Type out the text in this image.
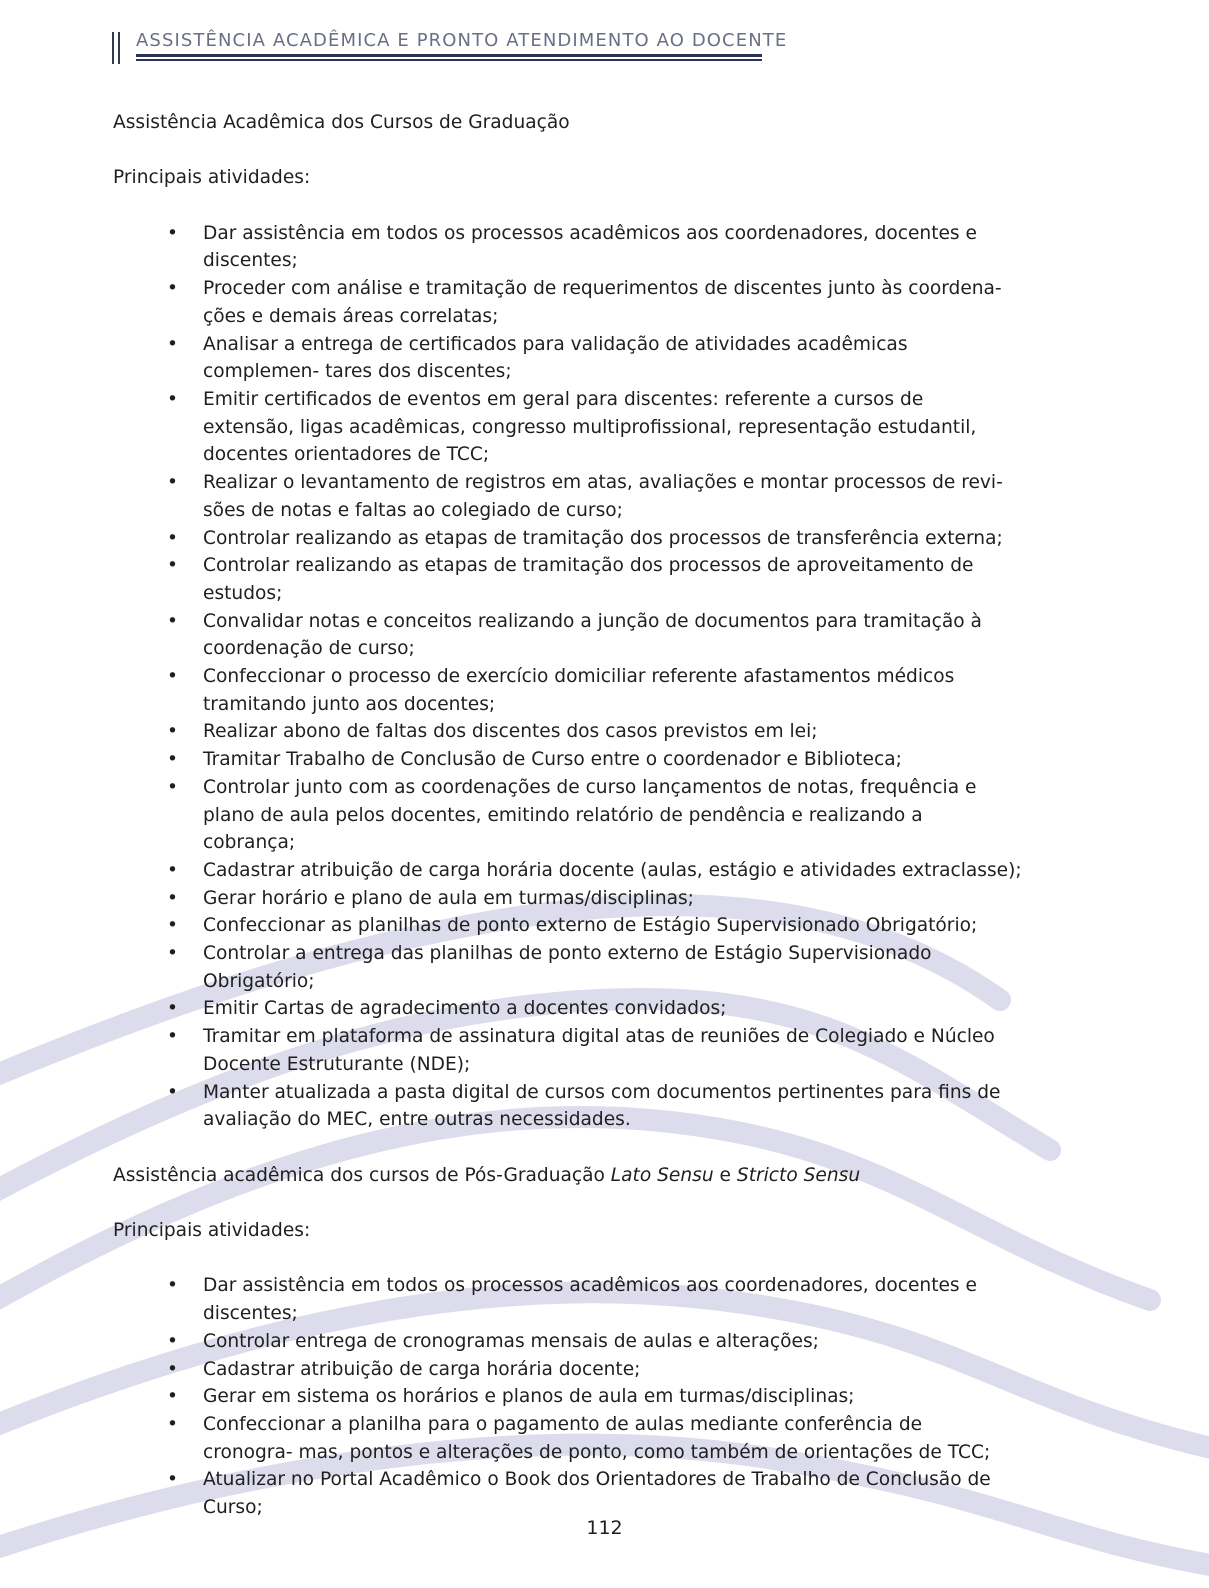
ASSISTÊNCIA ACADÊMICA E PRONTO ATENDIMENTO AO DOCENTE

Assistência Acadêmica dos Cursos de Graduação

Principais atividades:

• Dar assistência em todos os processos acadêmicos aos coordenadores, docentes e discentes;
• Proceder com análise e tramitação de requerimentos de discentes junto às coordena- ções e demais áreas correlatas;
• Analisar a entrega de certificados para validação de atividades acadêmicas complemen- tares dos discentes;
• Emitir certificados de eventos em geral para discentes: referente a cursos de extensão, ligas acadêmicas, congresso multiprofissional, representação estudantil, docentes orientadores de TCC;
• Realizar o levantamento de registros em atas, avaliações e montar processos de revi- sões de notas e faltas ao colegiado de curso;
• Controlar realizando as etapas de tramitação dos processos de transferência externa;
• Controlar realizando as etapas de tramitação dos processos de aproveitamento de estudos;
• Convalidar notas e conceitos realizando a junção de documentos para tramitação à coordenação de curso;
• Confeccionar o processo de exercício domiciliar referente afastamentos médicos tramitando junto aos docentes;
• Realizar abono de faltas dos discentes dos casos previstos em lei;
• Tramitar Trabalho de Conclusão de Curso entre o coordenador e Biblioteca;
• Controlar junto com as coordenações de curso lançamentos de notas, frequência e plano de aula pelos docentes, emitindo relatório de pendência e realizando a cobrança;
• Cadastrar atribuição de carga horária docente (aulas, estágio e atividades extraclasse);
• Gerar horário e plano de aula em turmas/disciplinas;
• Confeccionar as planilhas de ponto externo de Estágio Supervisionado Obrigatório;
• Controlar a entrega das planilhas de ponto externo de Estágio Supervisionado Obrigatório;
• Emitir Cartas de agradecimento a docentes convidados;
• Tramitar em plataforma de assinatura digital atas de reuniões de Colegiado e Núcleo Docente Estruturante (NDE);
• Manter atualizada a pasta digital de cursos com documentos pertinentes para fins de avaliação do MEC, entre outras necessidades.

Assistência acadêmica dos cursos de Pós-Graduação Lato Sensu e Stricto Sensu

Principais atividades:

• Dar assistência em todos os processos acadêmicos aos coordenadores, docentes e discentes;
• Controlar entrega de cronogramas mensais de aulas e alterações;
• Cadastrar atribuição de carga horária docente;
• Gerar em sistema os horários e planos de aula em turmas/disciplinas;
• Confeccionar a planilha para o pagamento de aulas mediante conferência de cronogra- mas, pontos e alterações de ponto, como também de orientações de TCC;
• Atualizar no Portal Acadêmico o Book dos Orientadores de Trabalho de Conclusão de Curso;
112
